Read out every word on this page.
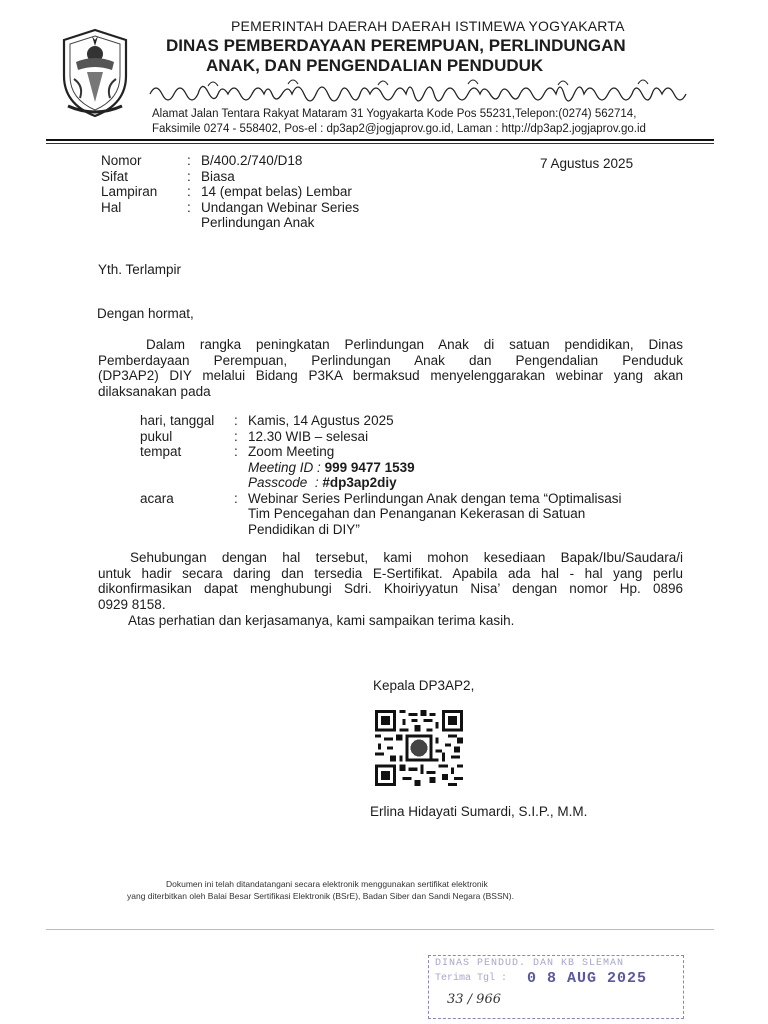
PEMERINTAH DAERAH DAERAH ISTIMEWA YOGYAKARTA
DINAS PEMBERDAYAAN PEREMPUAN, PERLINDUNGAN
ANAK, DAN PENGENDALIAN PENDUDUK
Alamat Jalan Tentara Rakyat Mataram 31 Yogyakarta Kode Pos 55231,Telepon:(0274) 562714,
Faksimile 0274 - 558402, Pos-el : dp3ap2@jogjaprov.go.id, Laman : http://dp3ap2.jogjaprov.go.id
Nomor	: B/400.2/740/D18
Sifat	: Biasa
Lampiran	: 14 (empat belas) Lembar
Hal	: Undangan Webinar Series
Perlindungan Anak
7 Agustus 2025
Yth. Terlampir
Dengan hormat,
Dalam rangka peningkatan Perlindungan Anak di satuan pendidikan, Dinas
Pemberdayaan Perempuan, Perlindungan Anak dan Pengendalian Penduduk
(DP3AP2) DIY melalui Bidang P3KA bermaksud menyelenggarakan webinar yang akan
dilaksanakan pada
hari, tanggal	: Kamis, 14 Agustus 2025
pukul	: 12.30 WIB – selesai
tempat	: Zoom Meeting
Meeting ID : 999 9477 1539
Passcode : #dp3ap2diy
acara	: Webinar Series Perlindungan Anak dengan tema “Optimalisasi
Tim Pencegahan dan Penanganan Kekerasan di Satuan
Pendidikan di DIY”
Sehubungan dengan hal tersebut, kami mohon kesediaan Bapak/Ibu/Saudara/i
untuk hadir secara daring dan tersedia E-Sertifikat. Apabila ada hal - hal yang perlu
dikonfirmasikan dapat menghubungi Sdri. Khoiriyyatun Nisa’ dengan nomor Hp. 0896
0929 8158.
Atas perhatian dan kerjasamanya, kami sampaikan terima kasih.
Kepala DP3AP2,
Erlina Hidayati Sumardi, S.I.P., M.M.
Dokumen ini telah ditandatangani secara elektronik menggunakan sertifikat elektronik
yang diterbitkan oleh Balai Besar Sertifikasi Elektronik (BSrE), Badan Siber dan Sandi Negara (BSSN).
DINAS PENDUD. DAN KB SLEMAN
Terima Tgl : 0 8 AUG 2025
33 / 966
